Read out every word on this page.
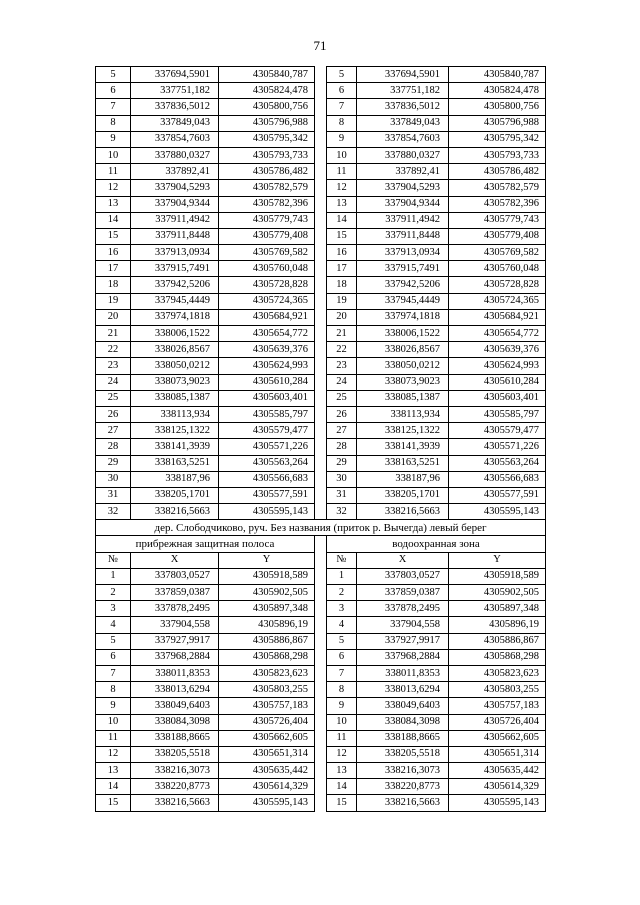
71
5	337694,5901	4305840,787		5	337694,5901	4305840,787
6	337751,182	4305824,478		6	337751,182	4305824,478
7	337836,5012	4305800,756		7	337836,5012	4305800,756
8	337849,043	4305796,988		8	337849,043	4305796,988
9	337854,7603	4305795,342		9	337854,7603	4305795,342
10	337880,0327	4305793,733		10	337880,0327	4305793,733
11	337892,41	4305786,482		11	337892,41	4305786,482
12	337904,5293	4305782,579		12	337904,5293	4305782,579
13	337904,9344	4305782,396		13	337904,9344	4305782,396
14	337911,4942	4305779,743		14	337911,4942	4305779,743
15	337911,8448	4305779,408		15	337911,8448	4305779,408
16	337913,0934	4305769,582		16	337913,0934	4305769,582
17	337915,7491	4305760,048		17	337915,7491	4305760,048
18	337942,5206	4305728,828		18	337942,5206	4305728,828
19	337945,4449	4305724,365		19	337945,4449	4305724,365
20	337974,1818	4305684,921		20	337974,1818	4305684,921
21	338006,1522	4305654,772		21	338006,1522	4305654,772
22	338026,8567	4305639,376		22	338026,8567	4305639,376
23	338050,0212	4305624,993		23	338050,0212	4305624,993
24	338073,9023	4305610,284		24	338073,9023	4305610,284
25	338085,1387	4305603,401		25	338085,1387	4305603,401
26	338113,934	4305585,797		26	338113,934	4305585,797
27	338125,1322	4305579,477		27	338125,1322	4305579,477
28	338141,3939	4305571,226		28	338141,3939	4305571,226
29	338163,5251	4305563,264		29	338163,5251	4305563,264
30	338187,96	4305566,683		30	338187,96	4305566,683
31	338205,1701	4305577,591		31	338205,1701	4305577,591
32	338216,5663	4305595,143		32	338216,5663	4305595,143
дер. Слободчиково, руч. Без названия (приток р. Вычегда) левый берег						
прибрежная защитная полоса				водоохранная зона		
№	X	Y		№	X	Y
1	337803,0527	4305918,589		1	337803,0527	4305918,589
2	337859,0387	4305902,505		2	337859,0387	4305902,505
3	337878,2495	4305897,348		3	337878,2495	4305897,348
4	337904,558	4305896,19		4	337904,558	4305896,19
5	337927,9917	4305886,867		5	337927,9917	4305886,867
6	337968,2884	4305868,298		6	337968,2884	4305868,298
7	338011,8353	4305823,623		7	338011,8353	4305823,623
8	338013,6294	4305803,255		8	338013,6294	4305803,255
9	338049,6403	4305757,183		9	338049,6403	4305757,183
10	338084,3098	4305726,404		10	338084,3098	4305726,404
11	338188,8665	4305662,605		11	338188,8665	4305662,605
12	338205,5518	4305651,314		12	338205,5518	4305651,314
13	338216,3073	4305635,442		13	338216,3073	4305635,442
14	338220,8773	4305614,329		14	338220,8773	4305614,329
15	338216,5663	4305595,143		15	338216,5663	4305595,143
